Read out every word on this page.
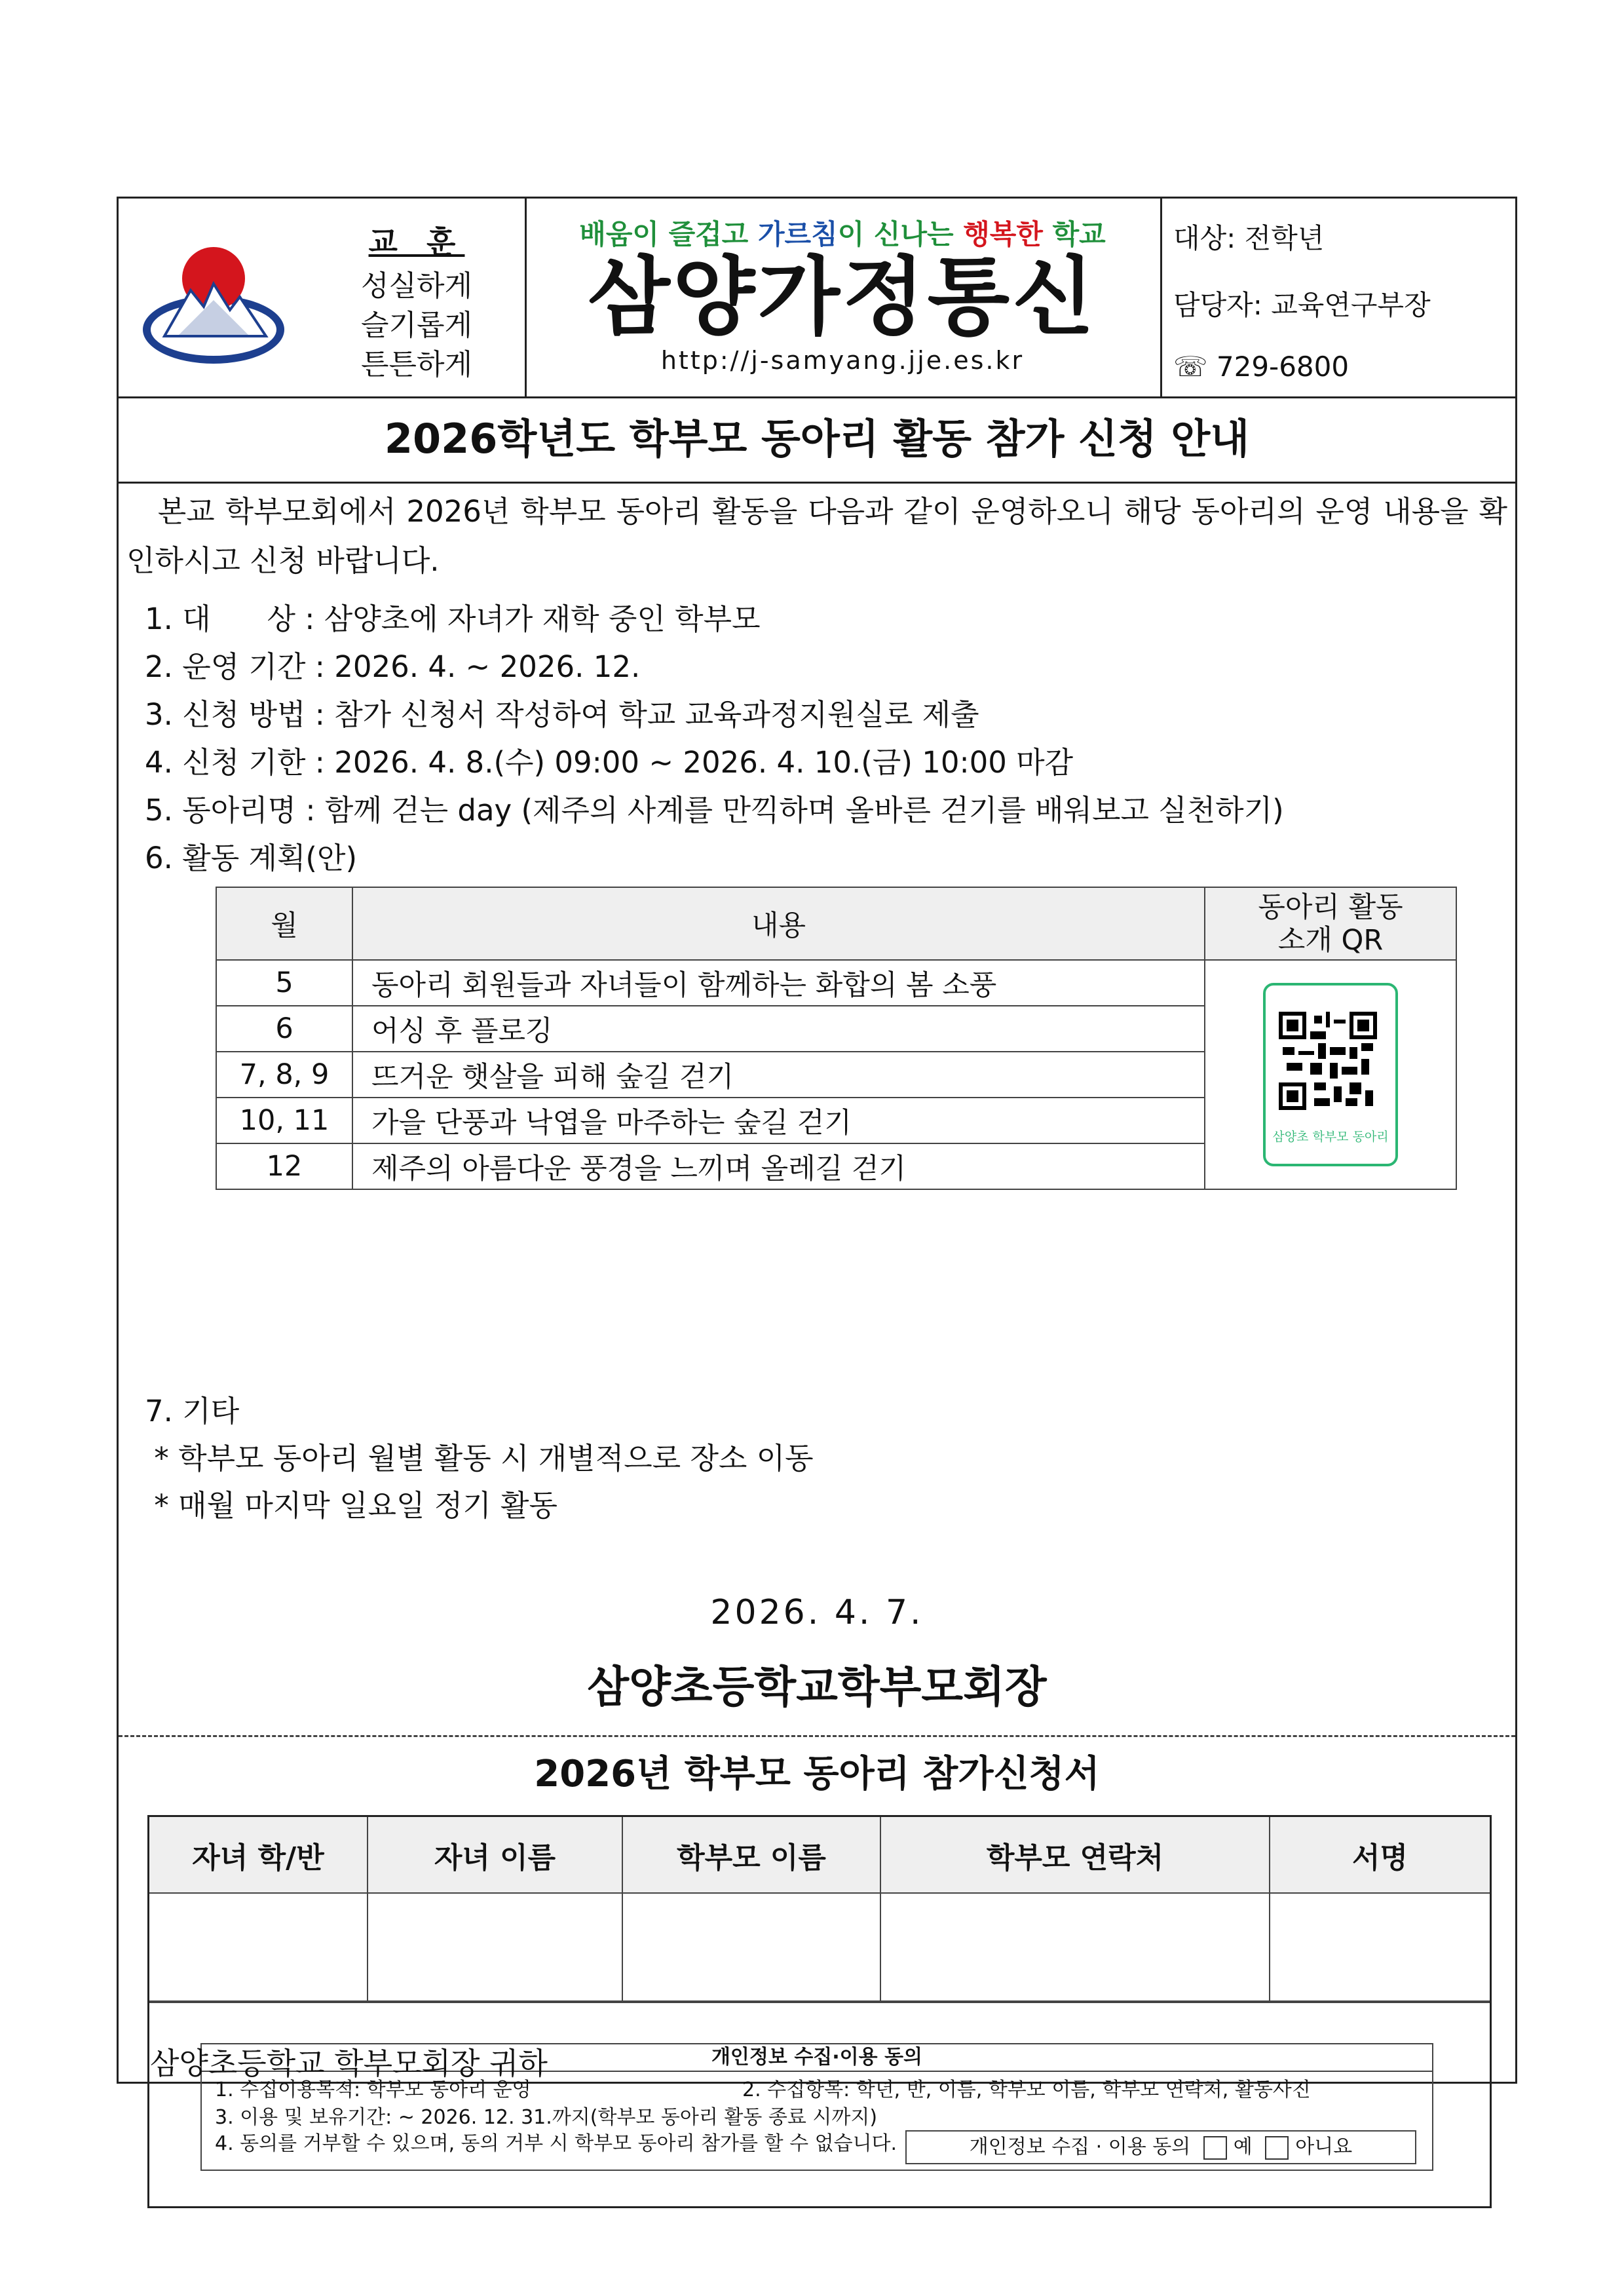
교 훈
성실하게
슬기롭게
튼튼하게
배움이 즐겁고 가르침이 신나는 행복한 학교
삼양가정통신
http://j-samyang.jje.es.kr
대상: 전학년
담당자: 교육연구부장
☏ 729-6800
2026학년도 학부모 동아리 활동 참가 신청 안내
본교 학부모회에서 2026년 학부모 동아리 활동을 다음과 같이 운영하오니 해당 동아리의 운영 내용을 확인하시고 신청 바랍니다.
1. 대      상 : 삼양초에 자녀가 재학 중인 학부모
2. 운영 기간 : 2026. 4. ~ 2026. 12.
3. 신청 방법 : 참가 신청서 작성하여 학교 교육과정지원실로 제출
4. 신청 기한 : 2026. 4. 8.(수) 09:00 ~ 2026. 4. 10.(금) 10:00 마감
5. 동아리명 : 함께 걷는 day (제주의 사계를 만끽하며 올바른 걷기를 배워보고 실천하기)
6. 활동 계획(안)
월	내용	동아리 활동
소개 QR
5	동아리 회원들과 자녀들이 함께하는 화합의 봄 소풍	삼양초 학부모 동아리

6	어싱 후 플로깅	
7, 8, 9	뜨거운 햇살을 피해 숲길 걷기	
10, 11	가을 단풍과 낙엽을 마주하는 숲길 걷기	
12	제주의 아름다운 풍경을 느끼며 올레길 걷기	
7. 기타
* 학부모 동아리 월별 활동 시 개별적으로 장소 이동
* 매월 마지막 일요일 정기 활동
2026. 4. 7.
삼양초등학교학부모회장
2026년 학부모 동아리 참가신청서
자녀 학/반	자녀 이름	학부모 이름	학부모 연락처	서명

개인정보 수집·이용 동의
1. 수집이용목적: 학부모 동아리 운영	2. 수집항목: 학년, 반, 이름, 학부모 이름, 학부모 연락처, 활동사진
3. 이용 및 보유기간: ~ 2026. 12. 31.까지(학부모 동아리 활동 종료 시까지)
4. 동의를 거부할 수 있으며, 동의 거부 시 학부모 동아리 참가를 할 수 없습니다.	개인정보 수집 · 이용 동의 예 아니요
삼양초등학교 학부모회장 귀하
